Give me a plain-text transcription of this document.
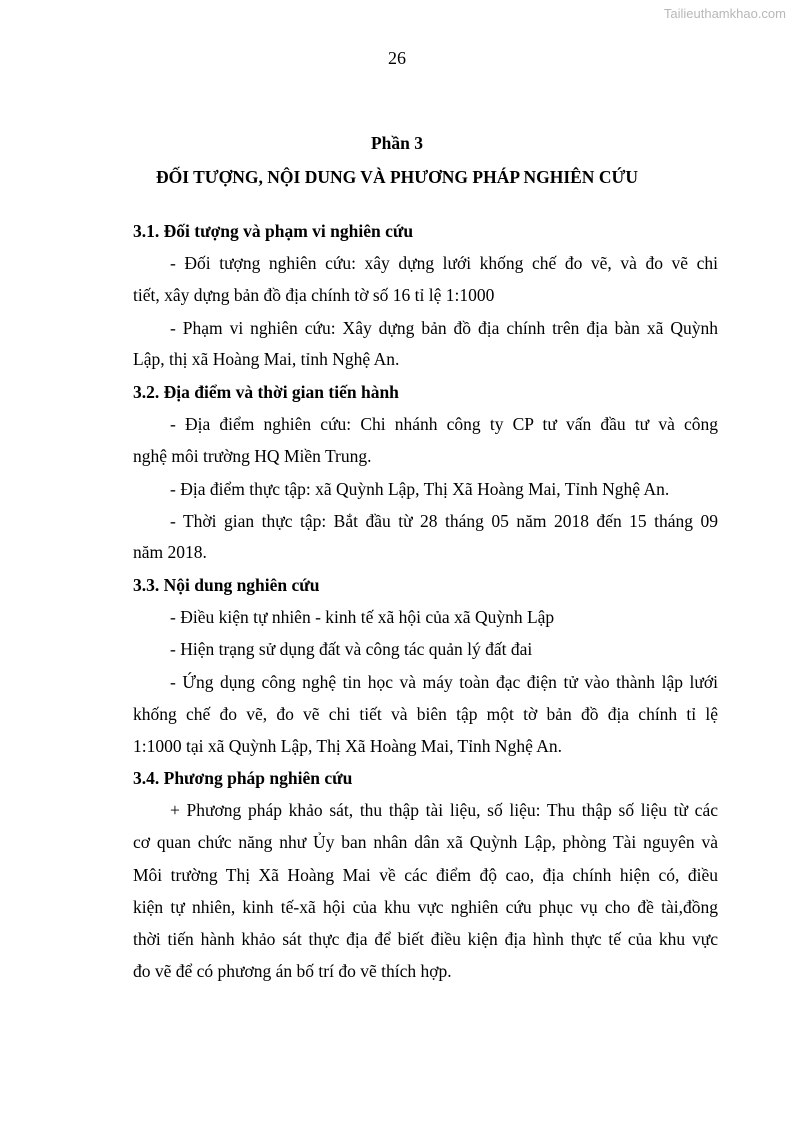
Tailieuthamkhao.com
26
Phần 3
ĐỐI TƯỢNG, NỘI DUNG VÀ PHƯƠNG PHÁP NGHIÊN CỨU
3.1. Đối tượng và phạm vi nghiên cứu
- Đối tượng nghiên cứu: xây dựng lưới khống chế đo vẽ, và đo vẽ chi
tiết, xây dựng bản đồ địa chính tờ số 16 tỉ lệ 1:1000
- Phạm vi nghiên cứu: Xây dựng bản đồ địa chính trên địa bàn xã Quỳnh
Lập, thị xã Hoàng Mai, tỉnh Nghệ An.
3.2. Địa điểm và thời gian tiến hành
- Địa điểm nghiên cứu: Chi nhánh công ty CP tư vấn đầu tư và công
nghệ môi trường HQ Miền Trung.
- Địa điểm thực tập: xã Quỳnh Lập, Thị Xã Hoàng Mai, Tỉnh Nghệ An.
- Thời gian thực tập: Bắt đầu từ 28 tháng 05 năm 2018 đến 15 tháng 09
năm 2018.
3.3. Nội dung nghiên cứu
- Điều kiện tự nhiên - kinh tế xã hội của xã Quỳnh Lập
- Hiện trạng sử dụng đất và công tác quản lý đất đai
- Ứng dụng công nghệ tin học và máy toàn đạc điện tử vào thành lập lưới
khống chế đo vẽ, đo vẽ chi tiết và biên tập một tờ bản đồ địa chính tỉ lệ
1:1000 tại xã Quỳnh Lập, Thị Xã Hoàng Mai, Tỉnh Nghệ An.
3.4. Phương pháp nghiên cứu
+ Phương pháp khảo sát, thu thập tài liệu, số liệu: Thu thập số liệu từ các
cơ quan chức năng như Ủy ban nhân dân xã Quỳnh Lập, phòng Tài nguyên và
Môi trường Thị Xã Hoàng Mai về các điểm độ cao, địa chính hiện có, điều
kiện tự nhiên, kinh tế-xã hội của khu vực nghiên cứu phục vụ cho đề tài,đồng
thời tiến hành khảo sát thực địa để biết điều kiện địa hình thực tế của khu vực
đo vẽ để có phương án bố trí đo vẽ thích hợp.
